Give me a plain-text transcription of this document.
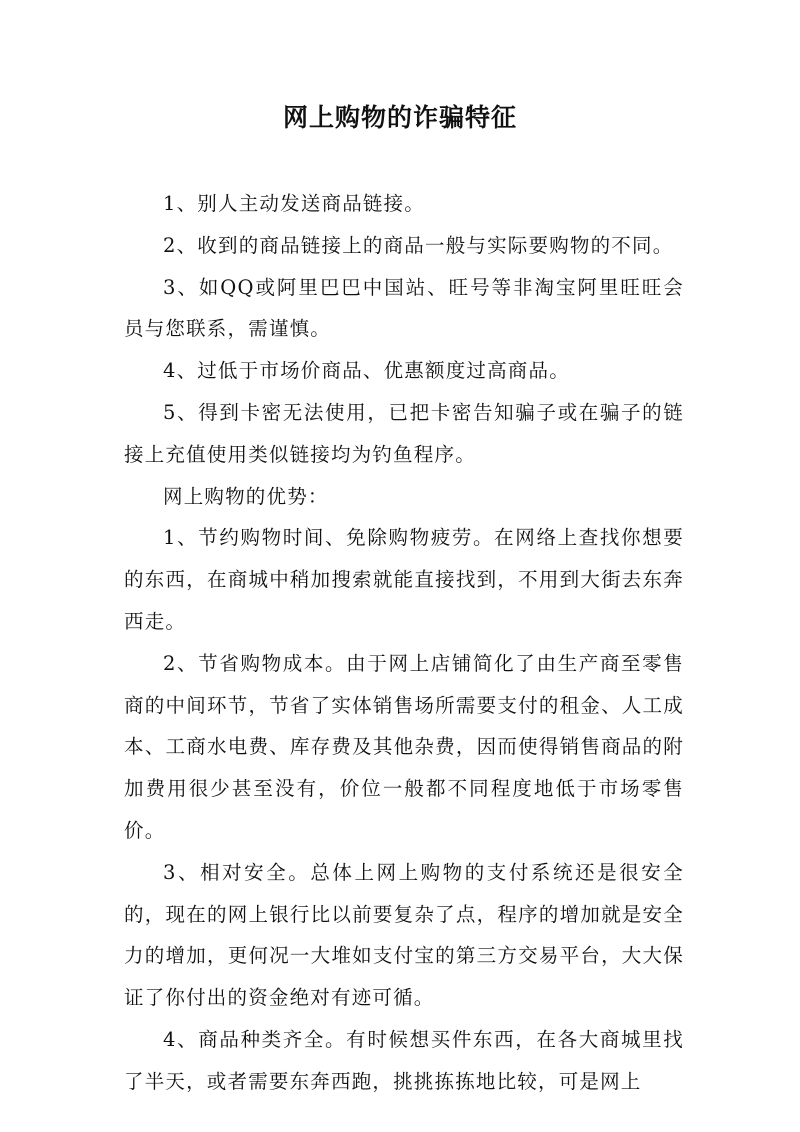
网上购物的诈骗特征

1、别人主动发送商品链接。

2、收到的商品链接上的商品一般与实际要购物的不同。

3、如QQ或阿里巴巴中国站、旺号等非淘宝阿里旺旺会员与您联系，需谨慎。

4、过低于市场价商品、优惠额度过高商品。

5、得到卡密无法使用，已把卡密告知骗子或在骗子的链接上充值使用类似链接均为钓鱼程序。

网上购物的优势：

1、节约购物时间、免除购物疲劳。在网络上查找你想要的东西，在商城中稍加搜索就能直接找到，不用到大街去东奔西走。

2、节省购物成本。由于网上店铺简化了由生产商至零售商的中间环节，节省了实体销售场所需要支付的租金、人工成本、工商水电费、库存费及其他杂费，因而使得销售商品的附加费用很少甚至没有，价位一般都不同程度地低于市场零售价。

3、相对安全。总体上网上购物的支付系统还是很安全的，现在的网上银行比以前要复杂了点，程序的增加就是安全力的增加，更何况一大堆如支付宝的第三方交易平台，大大保证了你付出的资金绝对有迹可循。

4、商品种类齐全。有时候想买件东西，在各大商城里找了半天，或者需要东奔西跑，挑挑拣拣地比较，可是网上
